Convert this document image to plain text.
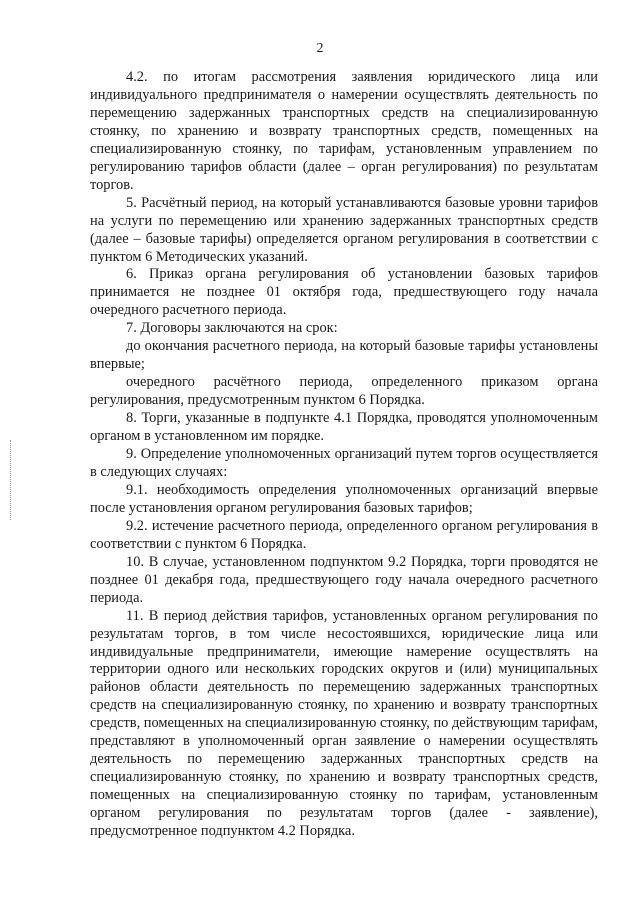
2

4.2. по итогам рассмотрения заявления юридического лица или индивидуального предпринимателя о намерении осуществлять деятельность по перемещению задержанных транспортных средств на специализированную стоянку, по хранению и возврату транспортных средств, помещенных на специализированную стоянку, по тарифам, установленным управлением по регулированию тарифов области (далее – орган регулирования) по результатам торгов.

5. Расчётный период, на который устанавливаются базовые уровни тарифов на услуги по перемещению или хранению задержанных транспортных средств (далее – базовые тарифы) определяется органом регулирования в соответствии с пунктом 6 Методических указаний.

6. Приказ органа регулирования об установлении базовых тарифов принимается не позднее 01 октября года, предшествующего году начала очередного расчетного периода.

7. Договоры заключаются на срок:

до окончания расчетного периода, на который базовые тарифы установлены впервые;

очередного расчётного периода, определенного приказом органа регулирования, предусмотренным пунктом 6 Порядка.

8. Торги, указанные в подпункте 4.1 Порядка, проводятся уполномоченным органом в установленном им порядке.

9. Определение уполномоченных организаций путем торгов осуществляется в следующих случаях:

9.1. необходимость определения уполномоченных организаций впервые после установления органом регулирования базовых тарифов;

9.2. истечение расчетного периода, определенного органом регулирования в соответствии с пунктом 6 Порядка.

10. В случае, установленном подпунктом 9.2 Порядка, торги проводятся не позднее 01 декабря года, предшествующего году начала очередного расчетного периода.

11. В период действия тарифов, установленных органом регулирования по результатам торгов, в том числе несостоявшихся, юридические лица или индивидуальные предприниматели, имеющие намерение осуществлять на территории одного или нескольких городских округов и (или) муниципальных районов области деятельность по перемещению задержанных транспортных средств на специализированную стоянку, по хранению и возврату транспортных средств, помещенных на специализированную стоянку, по действующим тарифам, представляют в уполномоченный орган заявление о намерении осуществлять деятельность по перемещению задержанных транспортных средств на специализированную стоянку, по хранению и возврату транспортных средств, помещенных на специализированную стоянку по тарифам, установленным органом регулирования по результатам торгов (далее - заявление), предусмотренное подпунктом 4.2 Порядка.
